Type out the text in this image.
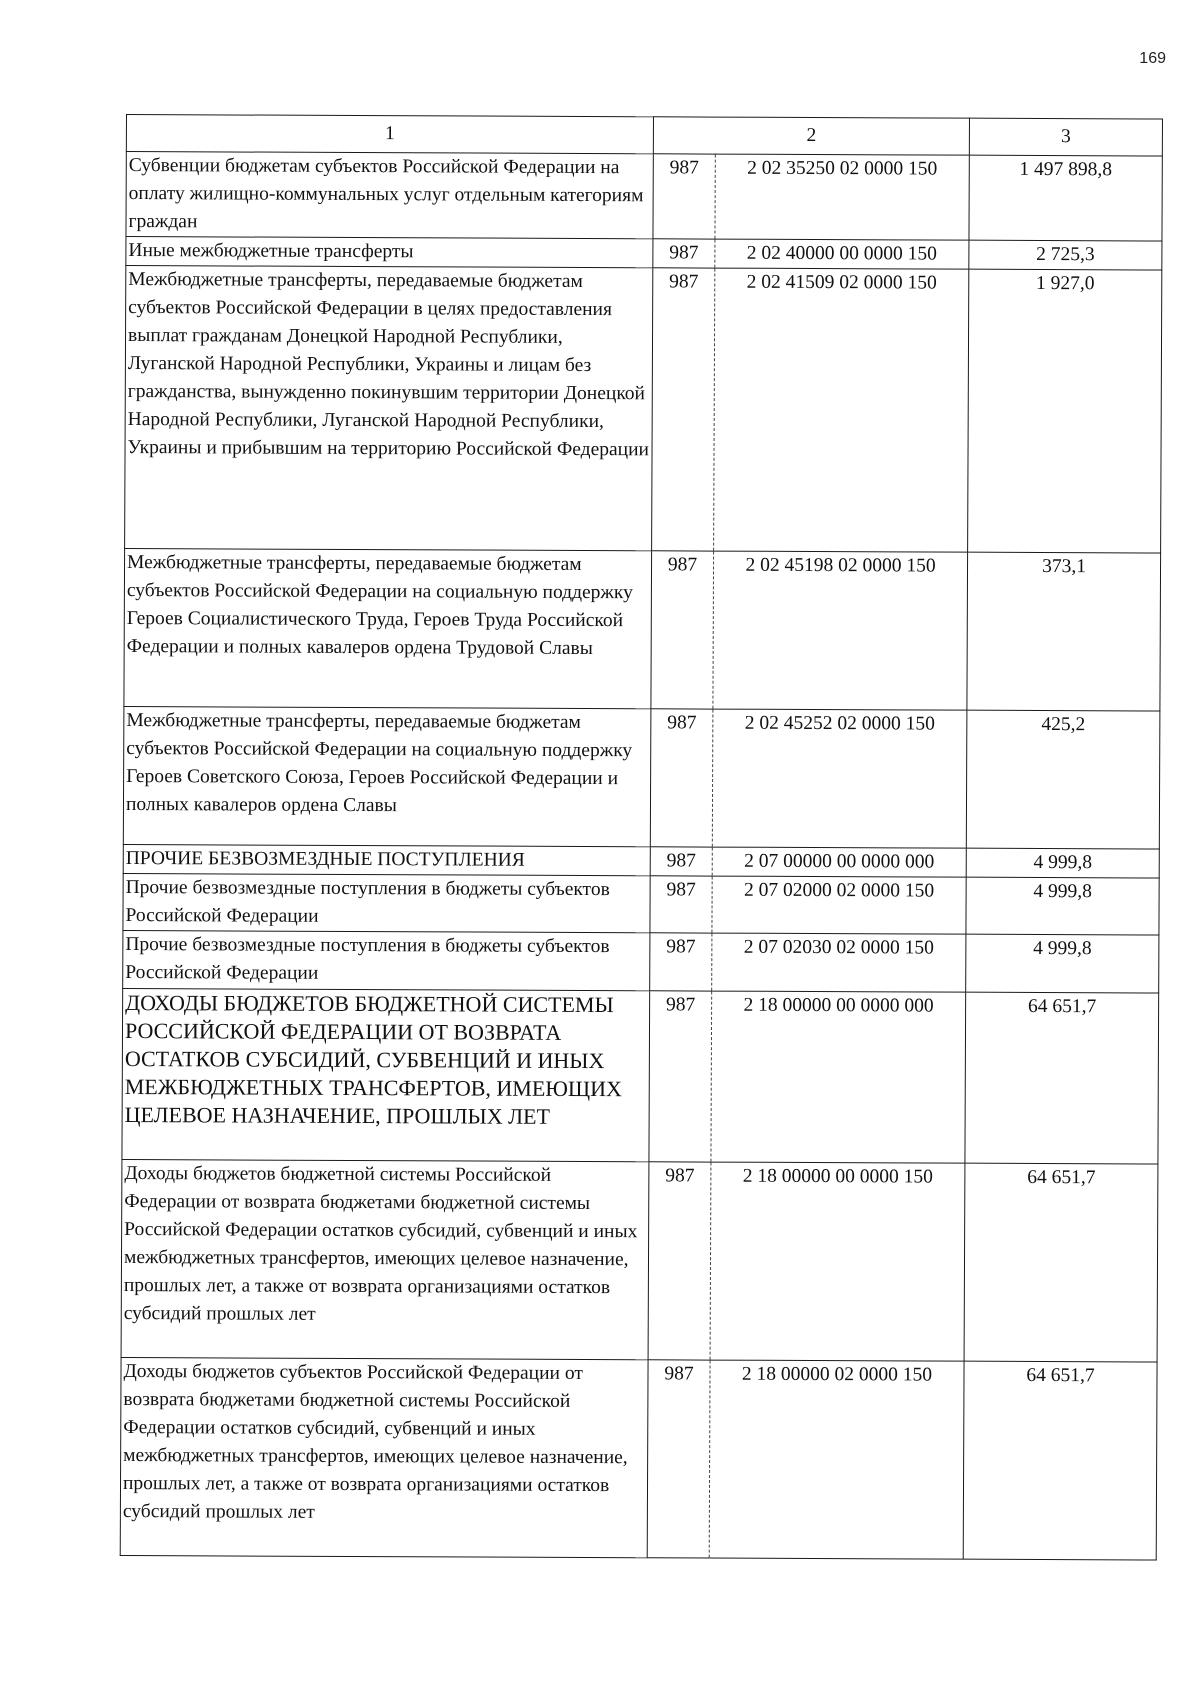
169
1	2		3
Субвенции бюджетам субъектов Российской Федерации на оплату жилищно-коммунальных услуг отдельным категориям граждан	987	2 02 35250 02 0000 150	1 497 898,8
Иные межбюджетные трансферты	987	2 02 40000 00 0000 150	2 725,3
Межбюджетные трансферты, передаваемые бюджетам субъектов Российской Федерации в целях предоставления выплат гражданам Донецкой Народной Республики, Луганской Народной Республики, Украины и лицам без гражданства, вынужденно покинувшим территории Донецкой Народной Республики, Луганской Народной Республики, Украины и прибывшим на территорию Российской Федерации	987	2 02 41509 02 0000 150	1 927,0
Межбюджетные трансферты, передаваемые бюджетам субъектов Российской Федерации на социальную поддержку Героев Социалистического Труда, Героев Труда Российской Федерации и полных кавалеров ордена Трудовой Славы	987	2 02 45198 02 0000 150	373,1
Межбюджетные трансферты, передаваемые бюджетам субъектов Российской Федерации на социальную поддержку Героев Советского Союза, Героев Российской Федерации и полных кавалеров ордена Славы	987	2 02 45252 02 0000 150	425,2
ПРОЧИЕ БЕЗВОЗМЕЗДНЫЕ ПОСТУПЛЕНИЯ	987	2 07 00000 00 0000 000	4 999,8
Прочие безвозмездные поступления в бюджеты субъектов Российской Федерации	987	2 07 02000 02 0000 150	4 999,8
Прочие безвозмездные поступления в бюджеты субъектов Российской Федерации	987	2 07 02030 02 0000 150	4 999,8
ДОХОДЫ БЮДЖЕТОВ БЮДЖЕТНОЙ СИСТЕМЫ РОССИЙСКОЙ ФЕДЕРАЦИИ ОТ ВОЗВРАТА ОСТАТКОВ СУБСИДИЙ, СУБВЕНЦИЙ И ИНЫХ МЕЖБЮДЖЕТНЫХ ТРАНСФЕРТОВ, ИМЕЮЩИХ ЦЕЛЕВОЕ НАЗНАЧЕНИЕ, ПРОШЛЫХ ЛЕТ	987	2 18 00000 00 0000 000	64 651,7
Доходы бюджетов бюджетной системы Российской Федерации от возврата бюджетами бюджетной системы Российской Федерации остатков субсидий, субвенций и иных межбюджетных трансфертов, имеющих целевое назначение, прошлых лет, а также от возврата организациями остатков субсидий прошлых лет	987	2 18 00000 00 0000 150	64 651,7
Доходы бюджетов субъектов Российской Федерации от возврата бюджетами бюджетной системы Российской Федерации остатков субсидий, субвенций и иных межбюджетных трансфертов, имеющих целевое назначение, прошлых лет, а также от возврата организациями остатков субсидий прошлых лет	987	2 18 00000 02 0000 150	64 651,7
